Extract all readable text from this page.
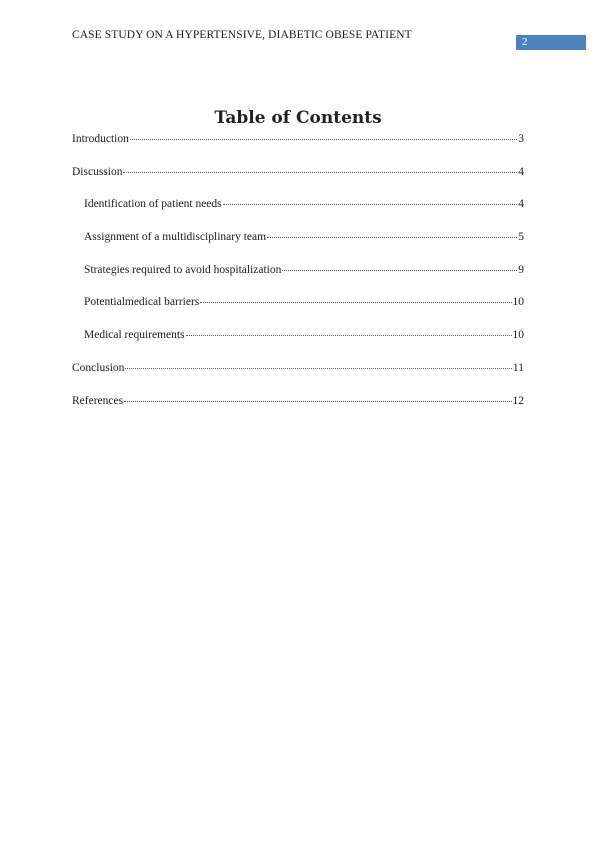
CASE STUDY ON A HYPERTENSIVE, DIABETIC OBESE PATIENT
2
Table of Contents
Introduction	3
Discussion	4
Identification of patient needs	4
Assignment of a multidisciplinary team	5
Strategies required to avoid hospitalization	9
Potentialmedical barriers	10
Medical requirements	10
Conclusion	11
References	12
